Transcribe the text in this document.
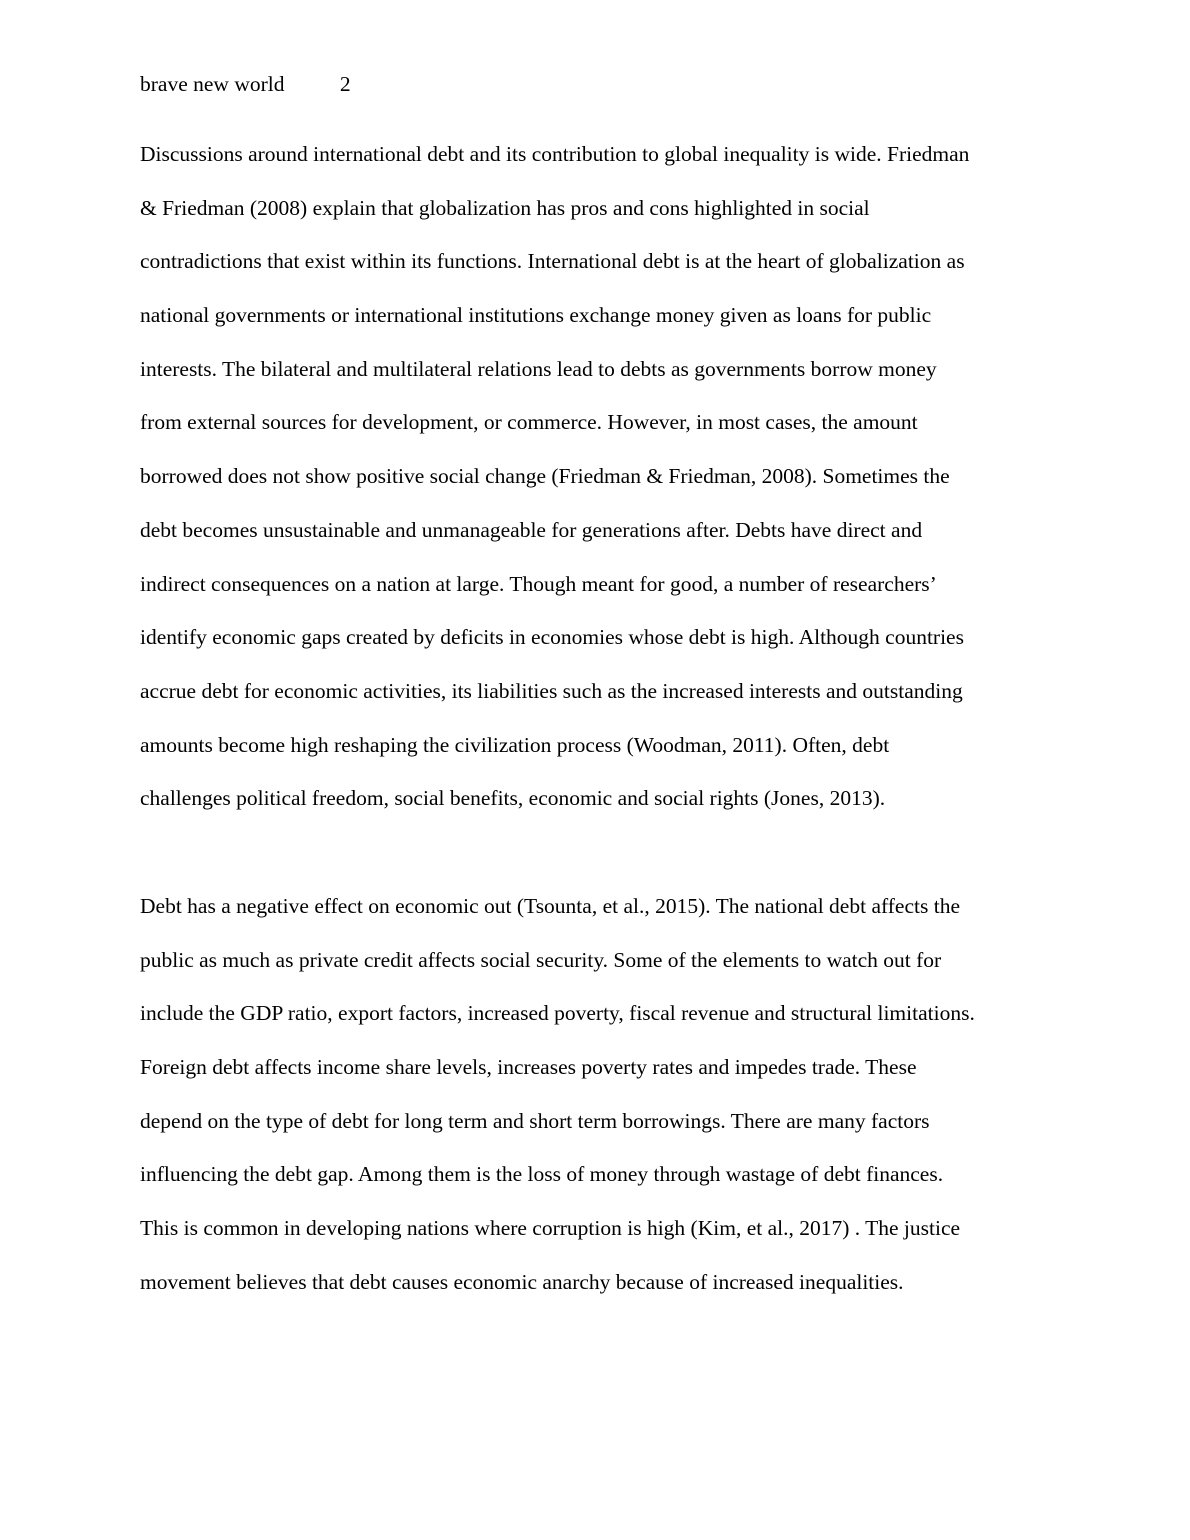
brave new world	2
Discussions around international debt and its contribution to global inequality is wide. Friedman
& Friedman (2008) explain that globalization has pros and cons highlighted in social
contradictions that exist within its functions. International debt is at the heart of globalization as
national governments or international institutions exchange money given as loans for public
interests. The bilateral and multilateral relations lead to debts as governments borrow money
from external sources for development, or commerce. However, in most cases, the amount
borrowed does not show positive social change (Friedman & Friedman, 2008). Sometimes the
debt becomes unsustainable and unmanageable for generations after. Debts have direct and
indirect consequences on a nation at large. Though meant for good, a number of researchers’
identify economic gaps created by deficits in economies whose debt is high. Although countries
accrue debt for economic activities, its liabilities such as the increased interests and outstanding
amounts become high reshaping the civilization process (Woodman, 2011). Often, debt
challenges political freedom, social benefits, economic and social rights (Jones, 2013).
Debt has a negative effect on economic out (Tsounta, et al., 2015). The national debt affects the
public as much as private credit affects social security. Some of the elements to watch out for
include the GDP ratio, export factors, increased poverty, fiscal revenue and structural limitations.
Foreign debt affects income share levels, increases poverty rates and impedes trade. These
depend on the type of debt for long term and short term borrowings. There are many factors
influencing the debt gap. Among them is the loss of money through wastage of debt finances.
This is common in developing nations where corruption is high (Kim, et al., 2017) . The justice
movement believes that debt causes economic anarchy because of increased inequalities.
